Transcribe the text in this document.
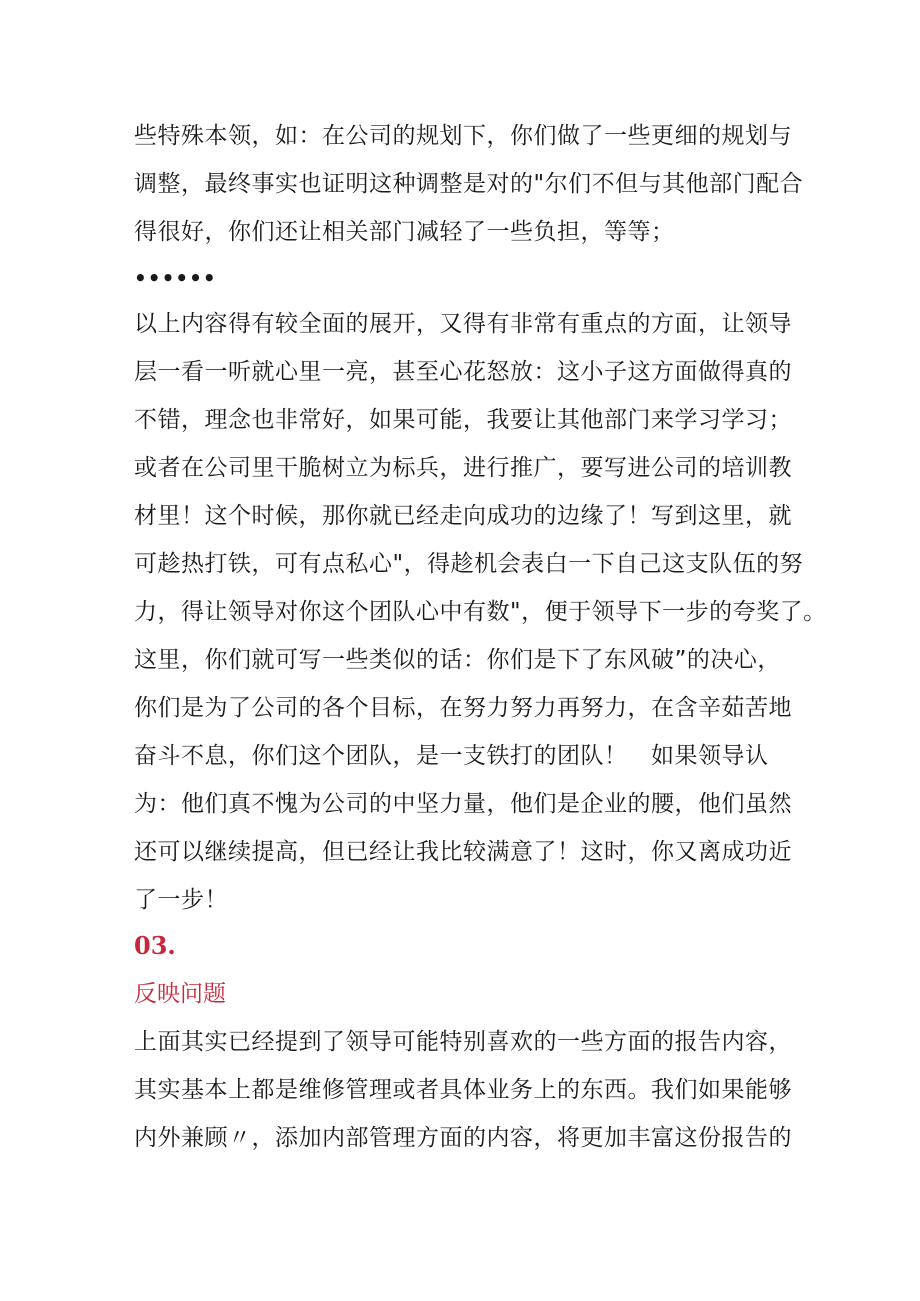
些特殊本领，如：在公司的规划下，你们做了一些更细的规划与
调整，最终事实也证明这种调整是对的"尔们不但与其他部门配合
得很好，你们还让相关部门减轻了一些负担，等等；
••••••
以上内容得有较全面的展开，又得有非常有重点的方面，让领导
层一看一听就心里一亮，甚至心花怒放：这小子这方面做得真的
不错，理念也非常好，如果可能，我要让其他部门来学习学习；
或者在公司里干脆树立为标兵，进行推广，要写进公司的培训教
材里！这个时候，那你就已经走向成功的边缘了！写到这里，就
可趁热打铁，可有点私心"，得趁机会表白一下自己这支队伍的努
力，得让领导对你这个团队心中有数"，便于领导下一步的夸奖了。
这里，你们就可写一些类似的话：你们是下了东风破”的决心，
你们是为了公司的各个目标，在努力努力再努力，在含辛茹苦地
奋斗不息，你们这个团队，是一支铁打的团队！　如果领导认
为：他们真不愧为公司的中坚力量，他们是企业的腰，他们虽然
还可以继续提高，但已经让我比较满意了！这时，你又离成功近
了一步！
03.
反映问题
上面其实已经提到了领导可能特别喜欢的一些方面的报告内容，
其实基本上都是维修管理或者具体业务上的东西。我们如果能够
内外兼顾〃，添加内部管理方面的内容，将更加丰富这份报告的
